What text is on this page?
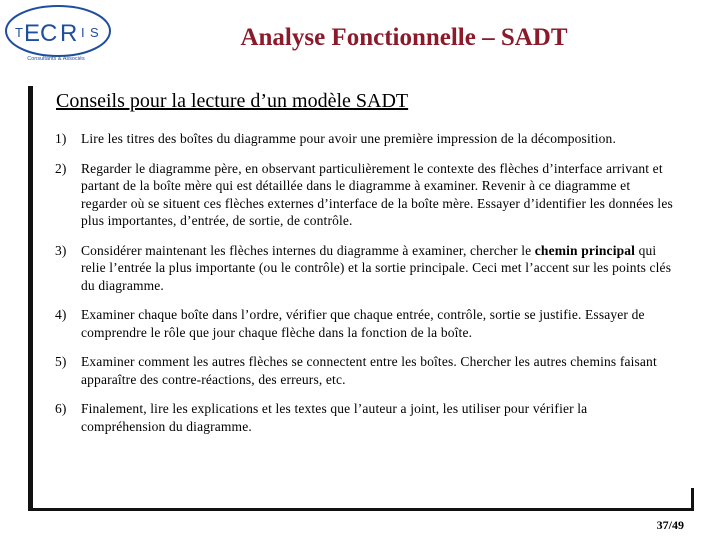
T E C R I S
Consultants & Associés
Analyse Fonctionnelle – SADT
Conseils pour la lecture d’un modèle SADT
1)	Lire les titres des boîtes du diagramme pour avoir une première impression de la décomposition.
2)	Regarder le diagramme père, en observant particulièrement le contexte des flèches d’interface arrivant et partant de la boîte mère qui est détaillée dans le diagramme à examiner. Revenir à ce diagramme et regarder où se situent ces flèches externes d’interface de la boîte mère. Essayer d’identifier les données les plus importantes, d’entrée, de sortie, de contrôle.
3)	Considérer maintenant les flèches internes du diagramme à examiner, chercher le chemin principal qui relie l’entrée la plus importante (ou le contrôle) et la sortie principale. Ceci met l’accent sur les points clés du diagramme.
4)	Examiner chaque boîte dans l’ordre, vérifier que chaque entrée, contrôle, sortie se justifie. Essayer de comprendre le rôle que jour chaque flèche dans la fonction de la boîte.
5)	Examiner comment les autres flèches se connectent entre les boîtes. Chercher les autres chemins faisant apparaître des contre-réactions, des erreurs, etc.
6)	Finalement, lire les explications et les textes que l’auteur a joint, les utiliser pour vérifier la compréhension du diagramme.
37/49
